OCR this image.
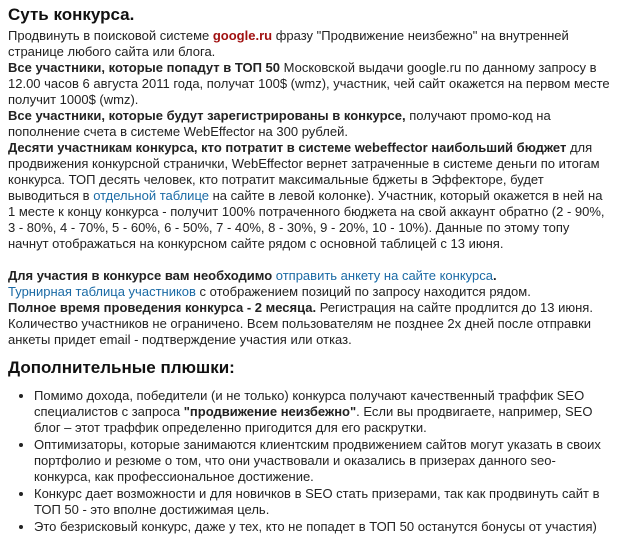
Суть конкурса.

Продвинуть в поисковой системе google.ru фразу "Продвижение неизбежно" на внутренней странице любого сайта или блога.

Все участники, которые попадут в ТОП 50 Московской выдачи google.ru по данному запросу в 12.00 часов 6 августа 2011 года, получат 100$ (wmz), участник, чей сайт окажется на первом месте получит 1000$ (wmz).

Все участники, которые будут зарегистрированы в конкурсе, получают промо-код на пополнение счета в системе WebEffector на 300 рублей.

Десяти участникам конкурса, кто потратит в системе webeffector наибольший бюджет для продвижения конкурсной странички, WebEffector вернет затраченные в системе деньги по итогам конкурса. ТОП десять человек, кто потратит максимальные бджеты в Эффекторе, будет выводиться в отдельной таблице на сайте в левой колонке). Участник, который окажется в ней на 1 месте к концу конкурса - получит 100% потраченного бюджета на свой аккаунт обратно (2 - 90%, 3 - 80%, 4 - 70%, 5 - 60%, 6 - 50%, 7 - 40%, 8 - 30%, 9 - 20%, 10 - 10%). Данные по этому топу начнут отображаться на конкурсном сайте рядом с основной таблицей с 13 июня.

Для участия в конкурсе вам необходимо отправить анкету на сайте конкурса.

Турнирная таблица участников с отображением позиций по запросу находится рядом.

Полное время проведения конкурса - 2 месяца. Регистрация на сайте продлится до 13 июня. Количество участников не ограничено. Всем пользователям не позднее 2х дней после отправки анкеты придет email - подтверждение участия или отказ.

Дополнительные плюшки:
• Помимо дохода, победители (и не только) конкурса получают качественный траффик SEO специалистов с запроса "продвижение неизбежно". Если вы продвигаете, например, SEO блог – этот траффик определенно пригодится для его раскрутки.
• Оптимизаторы, которые занимаются клиентским продвижением сайтов могут указать в своих портфолио и резюме о том, что они участвовали и оказались в призерах данного seo-конкурса, как профессиональное достижение.
• Конкурс дает возможности и для новичков в SEO стать призерами, так как продвинуть сайт в ТОП 50 - это вполне достижимая цель.
• Это безрисковый конкурс, даже у тех, кто не попадет в ТОП 50 останутся бонусы от участия)
